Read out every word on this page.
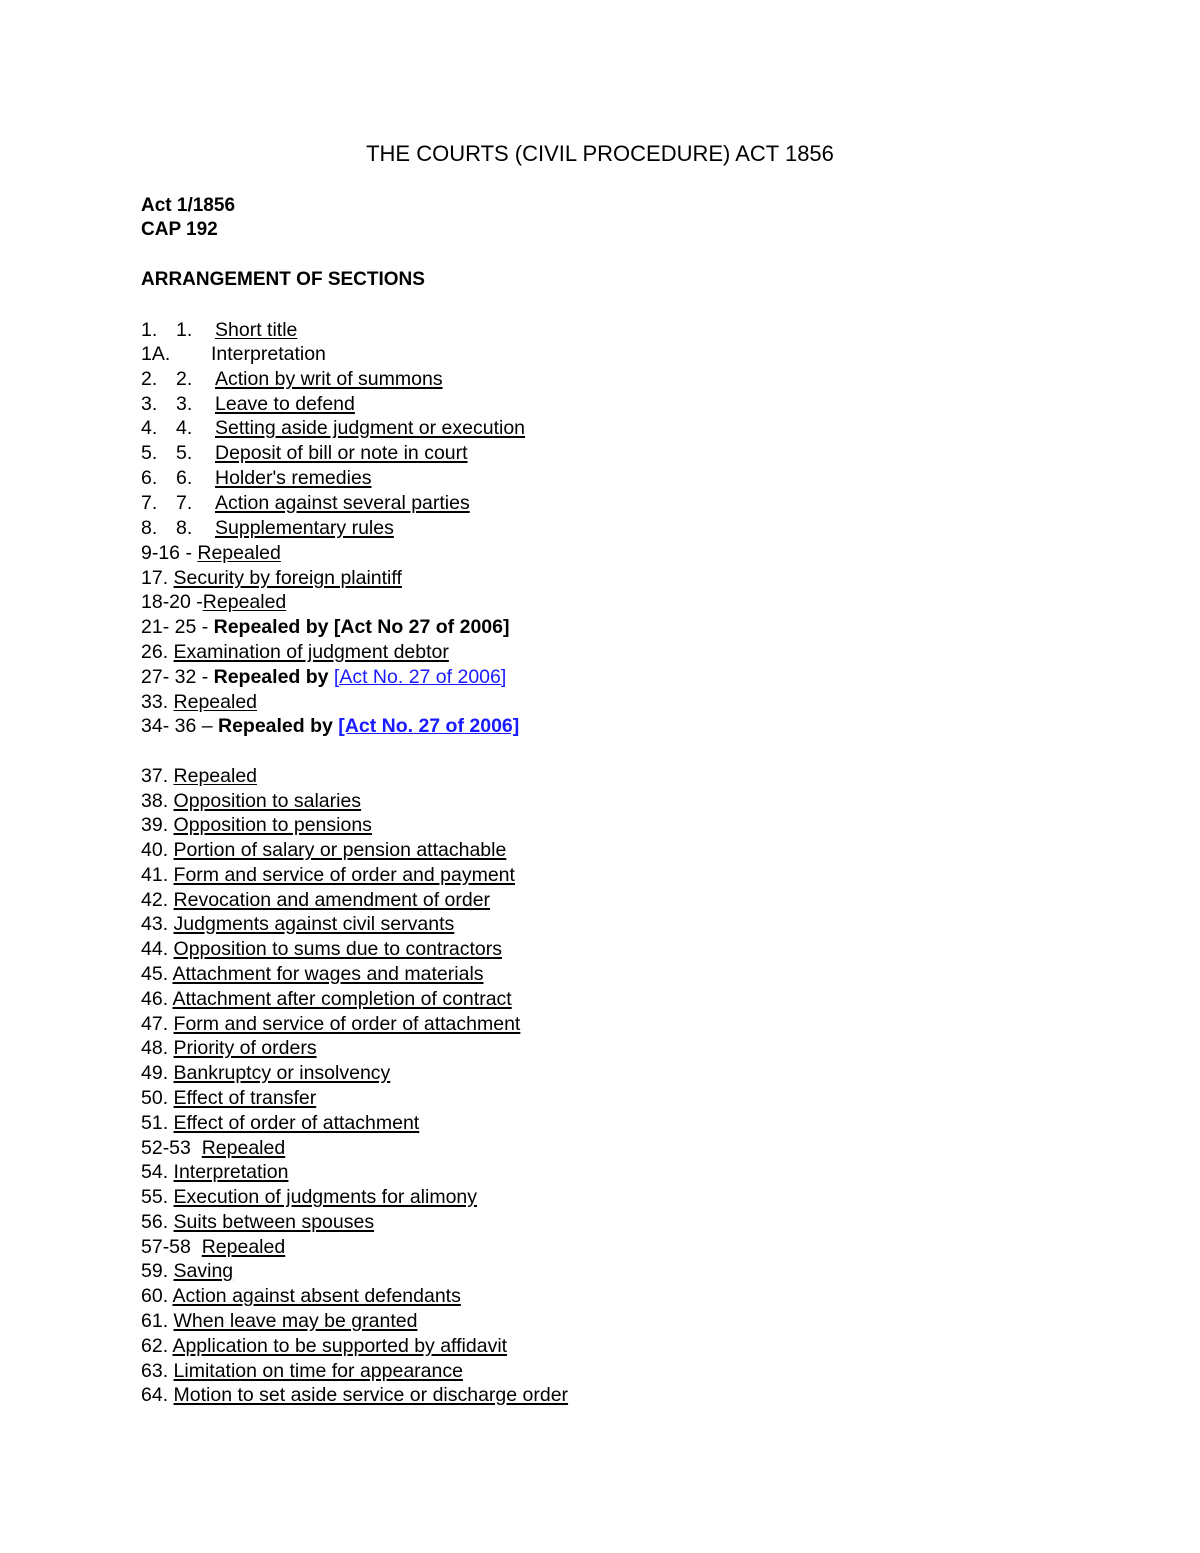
THE COURTS (CIVIL PROCEDURE) ACT 1856
Act 1/1856
CAP 192
ARRANGEMENT OF SECTIONS
1. 1. Short title
1A. Interpretation
2. 2. Action by writ of summons
3. 3. Leave to defend
4. 4. Setting aside judgment or execution
5. 5. Deposit of bill or note in court
6. 6. Holder's remedies
7. 7. Action against several parties
8. 8. Supplementary rules
9-16 - Repealed
17. Security by foreign plaintiff
18-20 -Repealed
21- 25 - Repealed by [Act No 27 of 2006]
26. Examination of judgment debtor
27- 32 - Repealed by [Act No. 27 of 2006]
33. Repealed
34- 36 – Repealed by [Act No. 27 of 2006]
37. Repealed
38. Opposition to salaries
39. Opposition to pensions
40. Portion of salary or pension attachable
41. Form and service of order and payment
42. Revocation and amendment of order
43. Judgments against civil servants
44. Opposition to sums due to contractors
45. Attachment for wages and materials
46. Attachment after completion of contract
47. Form and service of order of attachment
48. Priority of orders
49. Bankruptcy or insolvency
50. Effect of transfer
51. Effect of order of attachment
52-53  Repealed
54. Interpretation
55. Execution of judgments for alimony
56. Suits between spouses
57-58  Repealed
59. Saving
60. Action against absent defendants
61. When leave may be granted
62. Application to be supported by affidavit
63. Limitation on time for appearance
64. Motion to set aside service or discharge order
